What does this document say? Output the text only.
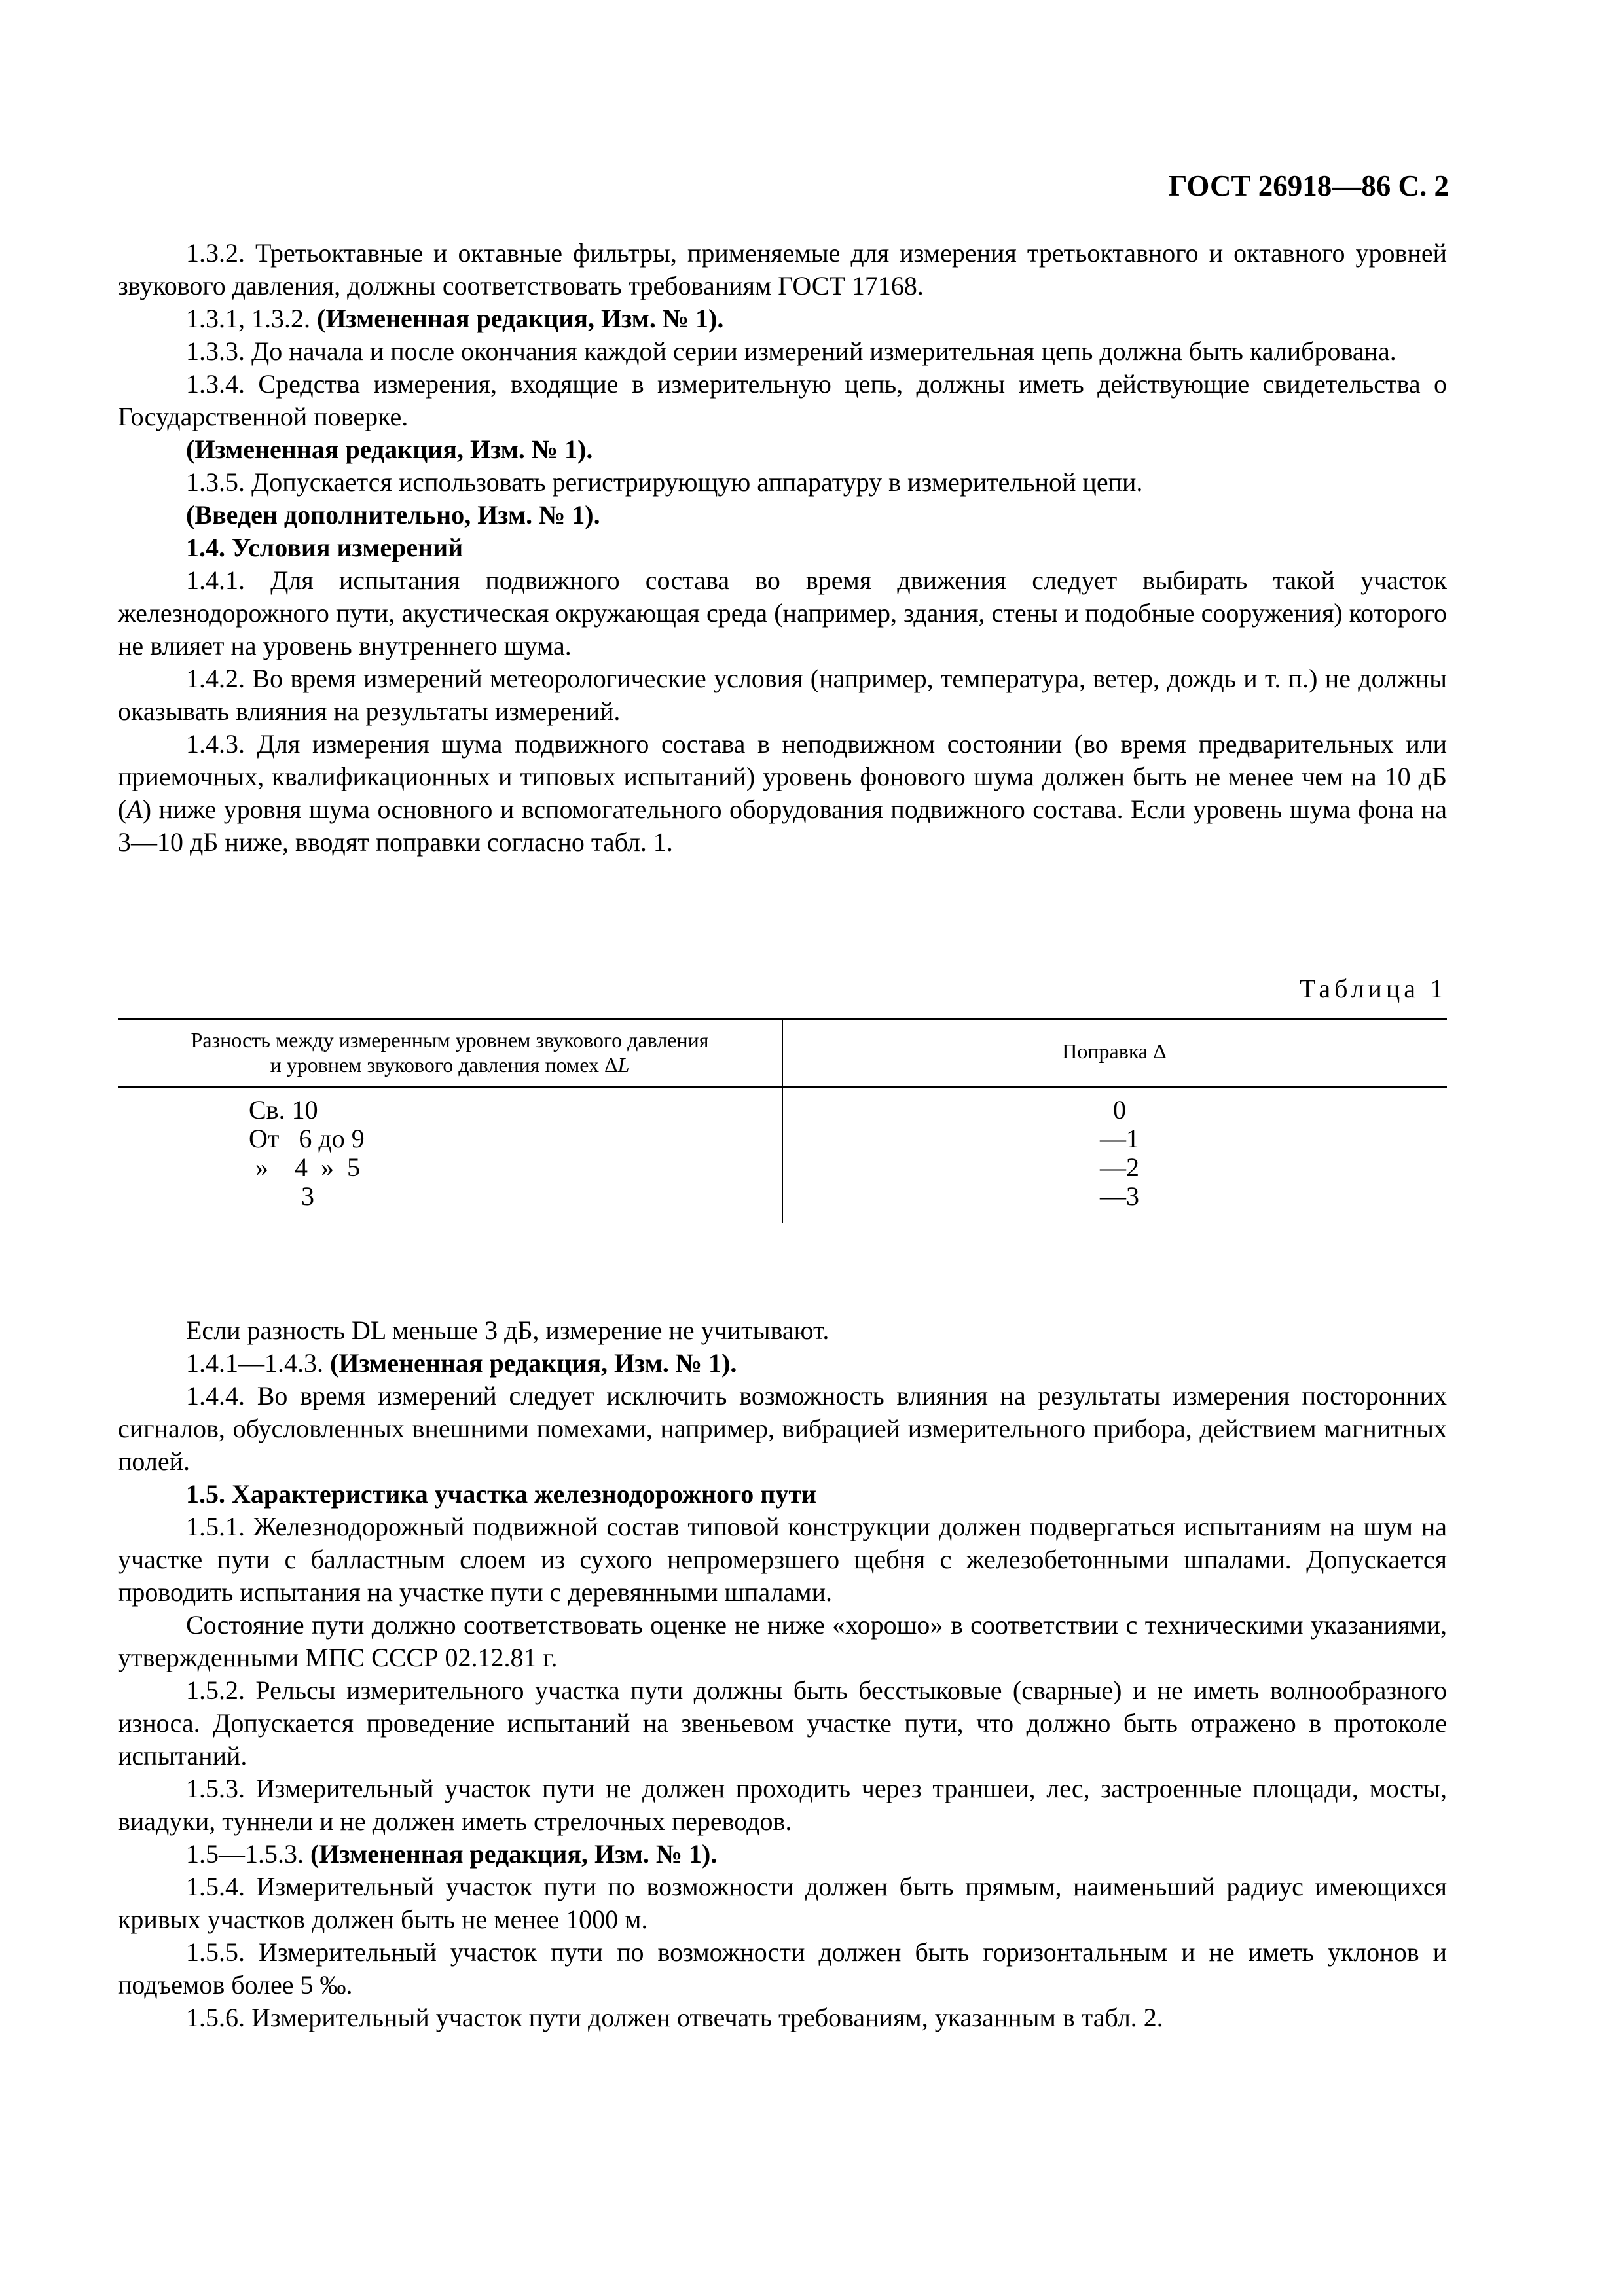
ГОСТ 26918—86 С. 2

1.3.2. Третьоктавные и октавные фильтры, применяемые для измерения третьоктавного и октавного уровней звукового давления, должны соответствовать требованиям ГОСТ 17168.

1.3.1, 1.3.2. (Измененная редакция, Изм. № 1).

1.3.3. До начала и после окончания каждой серии измерений измерительная цепь должна быть калибрована.

1.3.4. Средства измерения, входящие в измерительную цепь, должны иметь действующие свидетельства о Государственной поверке.

(Измененная редакция, Изм. № 1).

1.3.5. Допускается использовать регистрирующую аппаратуру в измерительной цепи.

(Введен дополнительно, Изм. № 1).

1.4. Условия измерений

1.4.1. Для испытания подвижного состава во время движения следует выбирать такой участок железнодорожного пути, акустическая окружающая среда (например, здания, стены и подобные сооружения) которого не влияет на уровень внутреннего шума.

1.4.2. Во время измерений метеорологические условия (например, температура, ветер, дождь и т. п.) не должны оказывать влияния на результаты измерений.

1.4.3. Для измерения шума подвижного состава в неподвижном состоянии (во время предварительных или приемочных, квалификационных и типовых испытаний) уровень фонового шума должен быть не менее чем на 10 дБ (A) ниже уровня шума основного и вспомогательного оборудования подвижного состава. Если уровень шума фона на 3—10 дБ ниже, вводят поправки согласно табл. 1.

Таблица 1
Разность между измеренным уровнем звукового давления
и уровнем звукового давления помех ΔL
Поправка Δ
Св. 10	0
От   6 до 9	—1
»    4  »  5	—2
3	—3

Если разность DL меньше 3 дБ, измерение не учитывают.

1.4.1—1.4.3. (Измененная редакция, Изм. № 1).

1.4.4. Во время измерений следует исключить возможность влияния на результаты измерения посторонних сигналов, обусловленных внешними помехами, например, вибрацией измерительного прибора, действием магнитных полей.

1.5. Характеристика участка железнодорожного пути

1.5.1. Железнодорожный подвижной состав типовой конструкции должен подвергаться испытаниям на шум на участке пути с балластным слоем из сухого непромерзшего щебня с железобетонными шпалами. Допускается проводить испытания на участке пути с деревянными шпалами.

Состояние пути должно соответствовать оценке не ниже «хорошо» в соответствии с техническими указаниями, утвержденными МПС СССР 02.12.81 г.

1.5.2. Рельсы измерительного участка пути должны быть бесстыковые (сварные) и не иметь волнообразного износа. Допускается проведение испытаний на звеньевом участке пути, что должно быть отражено в протоколе испытаний.

1.5.3. Измерительный участок пути не должен проходить через траншеи, лес, застроенные площади, мосты, виадуки, туннели и не должен иметь стрелочных переводов.

1.5—1.5.3. (Измененная редакция, Изм. № 1).

1.5.4. Измерительный участок пути по возможности должен быть прямым, наименьший радиус имеющихся кривых участков должен быть не менее 1000 м.

1.5.5. Измерительный участок пути по возможности должен быть горизонтальным и не иметь уклонов и подъемов более 5 ‰.

1.5.6. Измерительный участок пути должен отвечать требованиям, указанным в табл. 2.
